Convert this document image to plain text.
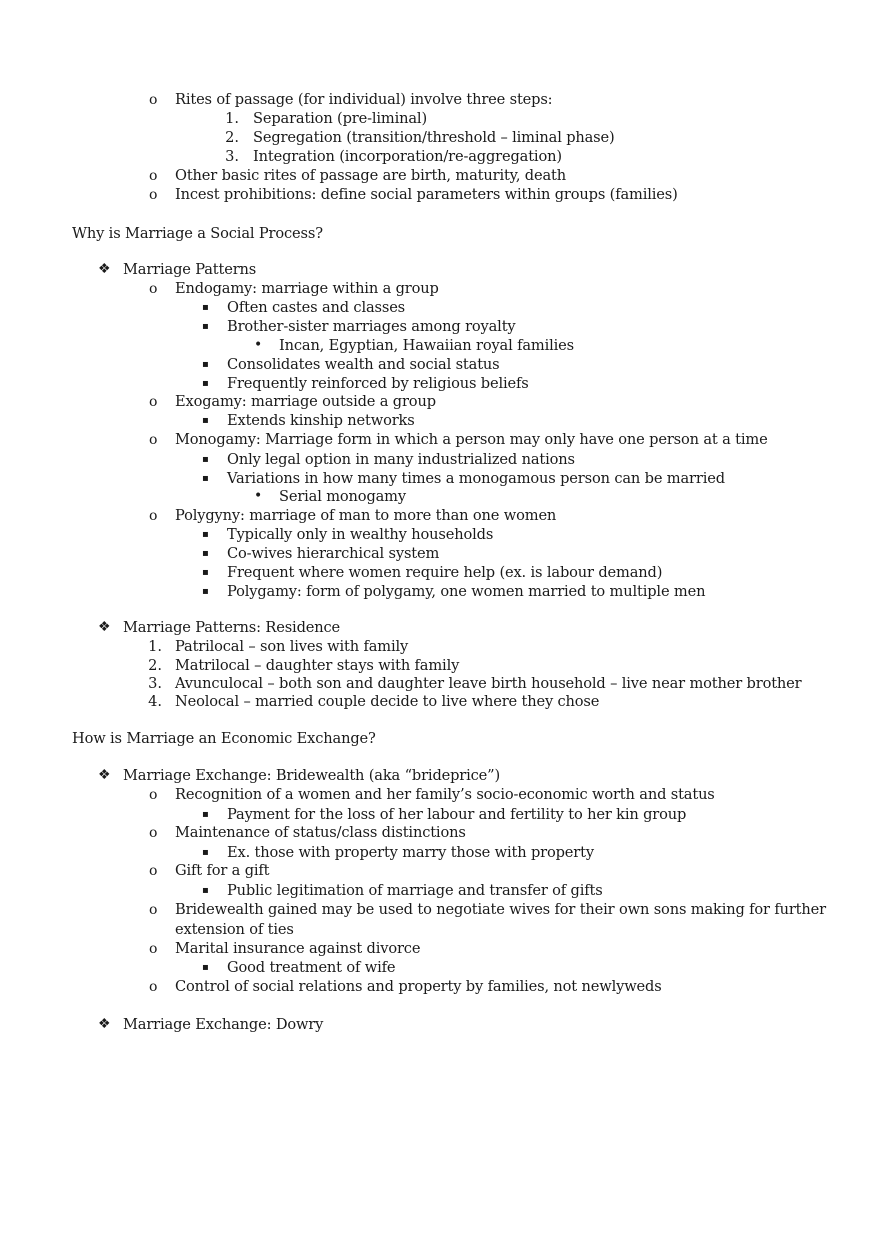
o Rites of passage (for individual) involve three steps:
1. Separation (pre-liminal)
2. Segregation (transition/threshold – liminal phase)
3. Integration (incorporation/re-aggregation)
o Other basic rites of passage are birth, maturity, death
o Incest prohibitions: define social parameters within groups (families)
Why is Marriage a Social Process?
❖ Marriage Patterns
o Endogamy: marriage within a group
▪ Often castes and classes
▪ Brother-sister marriages among royalty
• Incan, Egyptian, Hawaiian royal families
▪ Consolidates wealth and social status
▪ Frequently reinforced by religious beliefs
o Exogamy: marriage outside a group
▪ Extends kinship networks
o Monogamy: Marriage form in which a person may only have one person at a time
▪ Only legal option in many industrialized nations
▪ Variations in how many times a monogamous person can be married
• Serial monogamy
o Polygyny: marriage of man to more than one women
▪ Typically only in wealthy households
▪ Co-wives hierarchical system
▪ Frequent where women require help (ex. is labour demand)
▪ Polygamy: form of polygamy, one women married to multiple men
❖ Marriage Patterns: Residence
1. Patrilocal – son lives with family
2. Matrilocal – daughter stays with family
3. Avunculocal – both son and daughter leave birth household – live near mother brother
4. Neolocal – married couple decide to live where they chose
How is Marriage an Economic Exchange?
❖ Marriage Exchange: Bridewealth (aka “brideprice”)
o Recognition of a women and her family’s socio-economic worth and status
▪ Payment for the loss of her labour and fertility to her kin group
o Maintenance of status/class distinctions
▪ Ex. those with property marry those with property
o Gift for a gift
▪ Public legitimation of marriage and transfer of gifts
o Bridewealth gained may be used to negotiate wives for their own sons making for further
extension of ties
o Marital insurance against divorce
▪ Good treatment of wife
o Control of social relations and property by families, not newlyweds
❖ Marriage Exchange: Dowry
